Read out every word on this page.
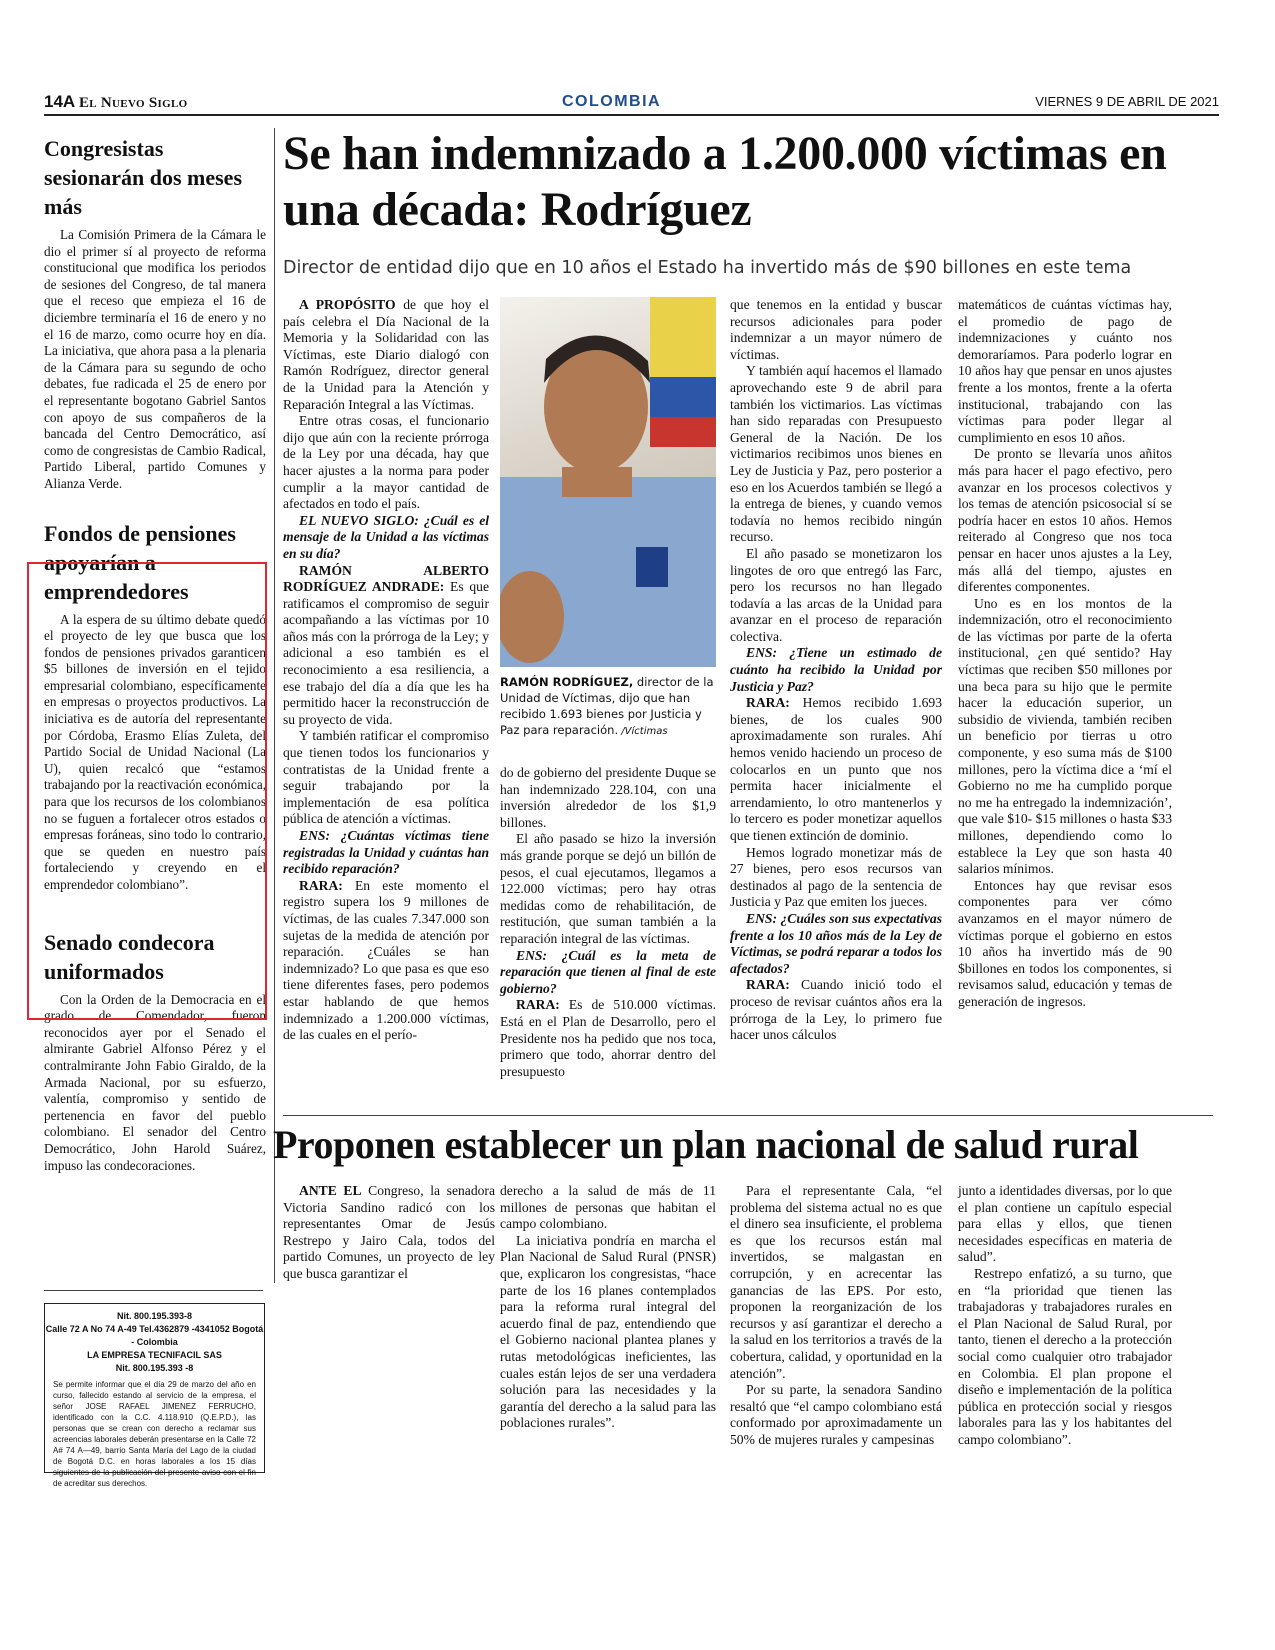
14A El Nuevo Siglo	COLOMBIA	VIERNES 9 DE ABRIL DE 2021
Congresistas sesionarán dos meses más

La Comisión Primera de la Cámara le dio el primer sí al proyecto de reforma constitucional que modifica los periodos de sesiones del Congreso, de tal manera que el receso que empieza el 16 de diciembre terminaría el 16 de enero y no el 16 de marzo, como ocurre hoy en día. La iniciativa, que ahora pasa a la plenaria de la Cámara para su segundo de ocho debates, fue radicada el 25 de enero por el representante bogotano Gabriel Santos con apoyo de sus compañeros de la bancada del Centro Democrático, así como de congresistas de Cambio Radical, Partido Liberal, partido Comunes y Alianza Verde.

Fondos de pensiones apoyarían a emprendedores

A la espera de su último debate quedó el proyecto de ley que busca que los fondos de pensiones privados garanticen $5 billones de inversión en el tejido empresarial colombiano, específicamente en empresas o proyectos productivos. La iniciativa es de autoría del representante por Córdoba, Erasmo Elías Zuleta, del Partido Social de Unidad Nacional (La U), quien recalcó que “estamos trabajando por la reactivación económica, para que los recursos de los colombianos no se fuguen a fortalecer otros estados o empresas foráneas, sino todo lo contrario, que se queden en nuestro país fortaleciendo y creyendo en el emprendedor colombiano”.

Senado condecora uniformados

Con la Orden de la Democracia en el grado de Comendador, fueron reconocidos ayer por el Senado el almirante Gabriel Alfonso Pérez y el contralmirante John Fabio Giraldo, de la Armada Nacional, por su esfuerzo, valentía, compromiso y sentido de pertenencia en favor del pueblo colombiano. El senador del Centro Democrático, John Harold Suárez, impuso las condecoraciones.

Nit. 800.195.393-8
Calle 72 A No 74 A-49 Tel.4362879 -4341052 Bogotá - Colombia
LA EMPRESA TECNIFACIL SAS
Nit. 800.195.393 -8
Se permite informar que el día 29 de marzo del año en curso, fallecido estando al servicio de la empresa, el señor JOSE RAFAEL JIMENEZ FERRUCHO, identificado con la C.C. 4.118.910 (Q.E.P.D.), las personas que se crean con derecho a reclamar sus acreencias laborales deberán presentarse en la Calle 72 A# 74 A—49, barrio Santa María del Lago de la ciudad de Bogotá D.C. en horas laborales a los 15 días siguientes de la publicación del presente aviso con el fin de acreditar sus derechos.
Se han indemnizado a 1.200.000 víctimas en una década: Rodríguez
Director de entidad dijo que en 10 años el Estado ha invertido más de $90 billones en este tema
RAMÓN RODRÍGUEZ, director de la Unidad de Víctimas, dijo que han recibido 1.693 bienes por Justicia y Paz para reparación. /Víctimas

A PROPÓSITO de que hoy el país celebra el Día Nacional de la Memoria y la Solidaridad con las Víctimas, este Diario dialogó con Ramón Rodríguez, director general de la Unidad para la Atención y Reparación Integral a las Víctimas.

Entre otras cosas, el funcionario dijo que aún con la reciente prórroga de la Ley por una década, hay que hacer ajustes a la norma para poder cumplir a la mayor cantidad de afectados en todo el país.

EL NUEVO SIGLO: ¿Cuál es el mensaje de la Unidad a las víctimas en su día?

RAMÓN ALBERTO RODRÍGUEZ ANDRADE: Es que ratificamos el compromiso de seguir acompañando a las víctimas por 10 años más con la prórroga de la Ley; y adicional a eso también es el reconocimiento a esa resiliencia, a ese trabajo del día a día que les ha permitido hacer la reconstrucción de su proyecto de vida.

Y también ratificar el compromiso que tienen todos los funcionarios y contratistas de la Unidad frente a seguir trabajando por la implementación de esa política pública de atención a víctimas.

ENS: ¿Cuántas víctimas tiene registradas la Unidad y cuántas han recibido reparación?

RARA: En este momento el registro supera los 9 millones de víctimas, de las cuales 7.347.000 son sujetas de la medida de atención por reparación. ¿Cuáles se han indemnizado? Lo que pasa es que eso tiene diferentes fases, pero podemos estar hablando de que hemos indemnizado a 1.200.000 víctimas, de las cuales en el perío-

do de gobierno del presidente Duque se han indemnizado 228.104, con una inversión alrededor de los $1,9 billones.

El año pasado se hizo la inversión más grande porque se dejó un billón de pesos, el cual ejecutamos, llegamos a 122.000 víctimas; pero hay otras medidas como de rehabilitación, de restitución, que suman también a la reparación integral de las víctimas.

ENS: ¿Cuál es la meta de reparación que tienen al final de este gobierno?

RARA: Es de 510.000 víctimas. Está en el Plan de Desarrollo, pero el Presidente nos ha pedido que nos toca, primero que todo, ahorrar dentro del presupuesto

que tenemos en la entidad y buscar recursos adicionales para poder indemnizar a un mayor número de víctimas.

Y también aquí hacemos el llamado aprovechando este 9 de abril para también los victimarios. Las víctimas han sido reparadas con Presupuesto General de la Nación. De los victimarios recibimos unos bienes en Ley de Justicia y Paz, pero posterior a eso en los Acuerdos también se llegó a la entrega de bienes, y cuando vemos todavía no hemos recibido ningún recurso.

El año pasado se monetizaron los lingotes de oro que entregó las Farc, pero los recursos no han llegado todavía a las arcas de la Unidad para avanzar en el proceso de reparación colectiva.

ENS: ¿Tiene un estimado de cuánto ha recibido la Unidad por Justicia y Paz?

RARA: Hemos recibido 1.693 bienes, de los cuales 900 aproximadamente son rurales. Ahí hemos venido haciendo un proceso de colocarlos en un punto que nos permita hacer inicialmente el arrendamiento, lo otro mantenerlos y lo tercero es poder monetizar aquellos que tienen extinción de dominio.

Hemos logrado monetizar más de 27 bienes, pero esos recursos van destinados al pago de la sentencia de Justicia y Paz que emiten los jueces.

ENS: ¿Cuáles son sus expectativas frente a los 10 años más de la Ley de Víctimas, se podrá reparar a todos los afectados?

RARA: Cuando inició todo el proceso de revisar cuántos años era la prórroga de la Ley, lo primero fue hacer unos cálculos

matemáticos de cuántas víctimas hay, el promedio de pago de indemnizaciones y cuánto nos demoraríamos. Para poderlo lograr en 10 años hay que pensar en unos ajustes frente a los montos, frente a la oferta institucional, trabajando con las víctimas para poder llegar al cumplimiento en esos 10 años.

De pronto se llevaría unos añitos más para hacer el pago efectivo, pero avanzar en los procesos colectivos y los temas de atención psicosocial sí se podría hacer en estos 10 años. Hemos reiterado al Congreso que nos toca pensar en hacer unos ajustes a la Ley, más allá del tiempo, ajustes en diferentes componentes.

Uno es en los montos de la indemnización, otro el reconocimiento de las víctimas por parte de la oferta institucional, ¿en qué sentido? Hay víctimas que reciben $50 millones por una beca para su hijo que le permite hacer la educación superior, un subsidio de vivienda, también reciben un beneficio por tierras u otro componente, y eso suma más de $100 millones, pero la víctima dice a ‘mí el Gobierno no me ha cumplido porque no me ha entregado la indemnización’, que vale $10- $15 millones o hasta $33 millones, dependiendo como lo establece la Ley que son hasta 40 salarios mínimos.

Entonces hay que revisar esos componentes para ver cómo avanzamos en el mayor número de víctimas porque el gobierno en estos 10 años ha invertido más de 90 $billones en todos los componentes, si revisamos salud, educación y temas de generación de ingresos.

Proponen establecer un plan nacional de salud rural

ANTE EL Congreso, la senadora Victoria Sandino radicó con los representantes Omar de Jesús Restrepo y Jairo Cala, todos del partido Comunes, un proyecto de ley que busca garantizar el

derecho a la salud de más de 11 millones de personas que habitan el campo colombiano.

La iniciativa pondría en marcha el Plan Nacional de Salud Rural (PNSR) que, explicaron los congresistas, “hace parte de los 16 planes contemplados para la reforma rural integral del acuerdo final de paz, entendiendo que el Gobierno nacional plantea planes y rutas metodológicas ineficientes, las cuales están lejos de ser una verdadera solución para las necesidades y la garantía del derecho a la salud para las poblaciones rurales”.

Para el representante Cala, “el problema del sistema actual no es que el dinero sea insuficiente, el problema es que los recursos están mal invertidos, se malgastan en corrupción, y en acrecentar las ganancias de las EPS. Por esto, proponen la reorganización de los recursos y así garantizar el derecho a la salud en los territorios a través de la cobertura, calidad, y oportunidad en la atención”.

Por su parte, la senadora Sandino resaltó que “el campo colombiano está conformado por aproximadamente un 50% de mujeres rurales y campesinas

junto a identidades diversas, por lo que el plan contiene un capítulo especial para ellas y ellos, que tienen necesidades específicas en materia de salud”.

Restrepo enfatizó, a su turno, que en “la prioridad que tienen las trabajadoras y trabajadores rurales en el Plan Nacional de Salud Rural, por tanto, tienen el derecho a la protección social como cualquier otro trabajador en Colombia. El plan propone el diseño e implementación de la política pública en protección social y riesgos laborales para las y los habitantes del campo colombiano”.
